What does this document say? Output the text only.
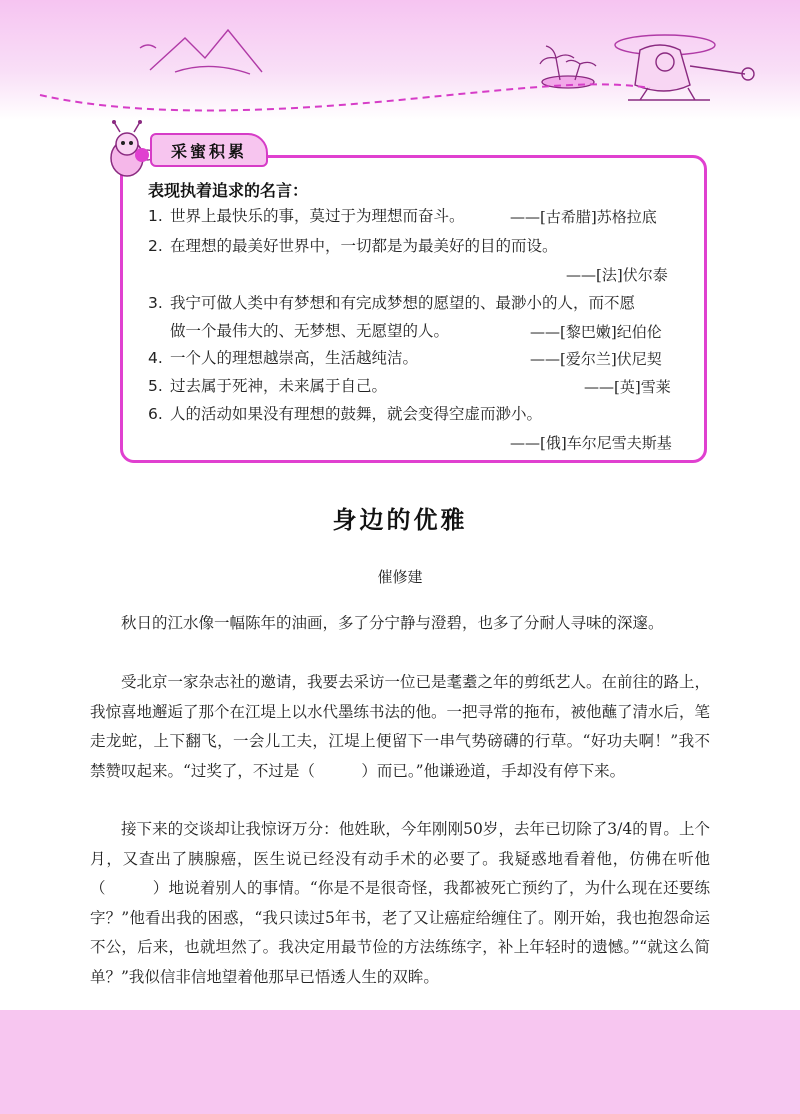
采蜜积累
表现执着追求的名言：
1. 世界上最快乐的事，莫过于为理想而奋斗。	——[古希腊]苏格拉底
2. 在理想的最美好世界中，一切都是为最美好的目的而设。
——[法]伏尔泰
3. 我宁可做人类中有梦想和有完成梦想的愿望的、最渺小的人，而不愿
做一个最伟大的、无梦想、无愿望的人。	——[黎巴嫩]纪伯伦
4. 一个人的理想越崇高，生活越纯洁。	——[爱尔兰]伏尼契
5. 过去属于死神，未来属于自己。	——[英]雪莱
6. 人的活动如果没有理想的鼓舞，就会变得空虚而渺小。
——[俄]车尔尼雪夫斯基
身边的优雅
催修建
秋日的江水像一幅陈年的油画，多了分宁静与澄碧，也多了分耐人寻味的深邃。
受北京一家杂志社的邀请，我要去采访一位已是耄耋之年的剪纸艺人。在前往的路上，我惊喜地邂逅了那个在江堤上以水代墨练书法的他。一把寻常的拖布，被他蘸了清水后，笔走龙蛇，上下翻飞，一会儿工夫，江堤上便留下一串气势磅礴的行草。“好功夫啊！”我不禁赞叹起来。“过奖了，不过是（　　　）而已。”他谦逊道，手却没有停下来。
接下来的交谈却让我惊讶万分：他姓耿，今年刚刚50岁，去年已切除了3/4的胃。上个月，又查出了胰腺癌，医生说已经没有动手术的必要了。我疑惑地看着他，仿佛在听他（　　　）地说着别人的事情。“你是不是很奇怪，我都被死亡预约了，为什么现在还要练字？”他看出我的困惑，“我只读过5年书，老了又让癌症给缠住了。刚开始，我也抱怨命运不公，后来，也就坦然了。我决定用最节俭的方法练练字，补上年轻时的遗憾。”“就这么简单？”我似信非信地望着他那早已悟透人生的双眸。
